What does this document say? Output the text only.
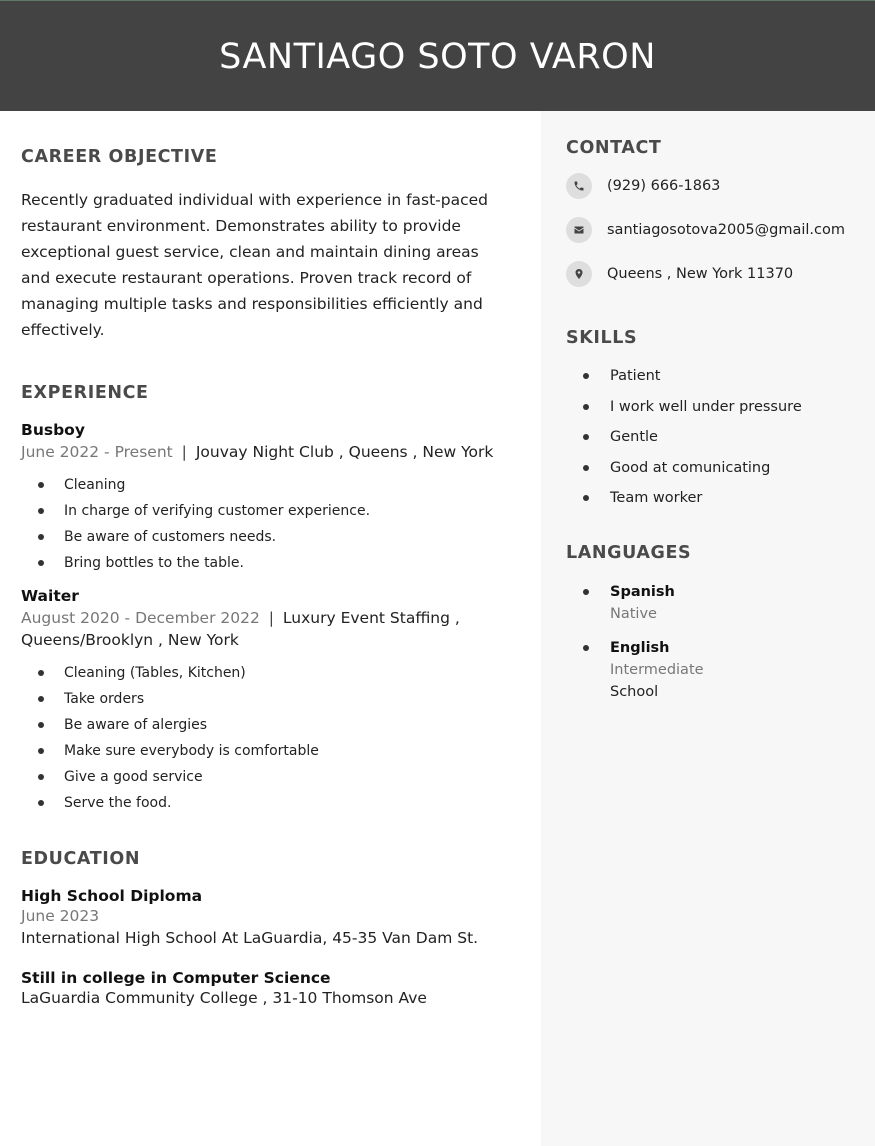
SANTIAGO SOTO VARON
CAREER OBJECTIVE

Recently graduated individual with experience in fast-paced restaurant environment. Demonstrates ability to provide exceptional guest service, clean and maintain dining areas and execute restaurant operations. Proven track record of managing multiple tasks and responsibilities efficiently and effectively.

EXPERIENCE
Busboy
June 2022 - Present | Jouvay Night Club , Queens , New York
Cleaning
In charge of verifying customer experience.
Be aware of customers needs.
Bring bottles to the table.
Waiter
August 2020 - December 2022 | Luxury Event Staffing ,
Queens/Brooklyn , New York
Cleaning (Tables, Kitchen)
Take orders
Be aware of alergies
Make sure everybody is comfortable
Give a good service
Serve the food.
EDUCATION
High School Diploma
June 2023
International High School At LaGuardia, 45-35 Van Dam St.
Still in college in Computer Science
LaGuardia Community College , 31-10 Thomson Ave
CONTACT
(929) 666-1863
santiagosotova2005@gmail.com
Queens , New York 11370
SKILLS
Patient
I work well under pressure
Gentle
Good at comunicating
Team worker
LANGUAGES
Spanish
Native
English
Intermediate
School
